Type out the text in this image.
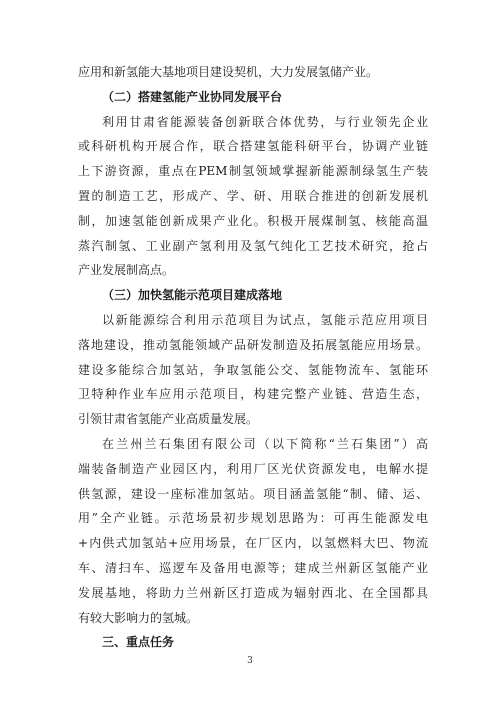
应用和新氢能大基地项目建设契机，大力发展氢储产业。
（二）搭建氢能产业协同发展平台
利用甘肃省能源装备创新联合体优势，与行业领先企业
或科研机构开展合作，联合搭建氢能科研平台，协调产业链
上下游资源，重点在PEM制氢领域掌握新能源制绿氢生产装
置的制造工艺，形成产、学、研、用联合推进的创新发展机
制，加速氢能创新成果产业化。积极开展煤制氢、核能高温
蒸汽制氢、工业副产氢利用及氢气纯化工艺技术研究，抢占
产业发展制高点。
（三）加快氢能示范项目建成落地
以新能源综合利用示范项目为试点，氢能示范应用项目
落地建设，推动氢能领域产品研发制造及拓展氢能应用场景。
建设多能综合加氢站，争取氢能公交、氢能物流车、氢能环
卫特种作业车应用示范项目，构建完整产业链、营造生态，
引领甘肃省氢能产业高质量发展。
在兰州兰石集团有限公司（以下简称“兰石集团”）高
端装备制造产业园区内，利用厂区光伏资源发电，电解水提
供氢源，建设一座标准加氢站。项目涵盖氢能“制、储、运、
用”全产业链。示范场景初步规划思路为：可再生能源发电
+内供式加氢站+应用场景，在厂区内，以氢燃料大巴、物流
车、清扫车、巡逻车及备用电源等；建成兰州新区氢能产业
发展基地，将助力兰州新区打造成为辐射西北、在全国都具
有较大影响力的氢城。
三、重点任务
3
